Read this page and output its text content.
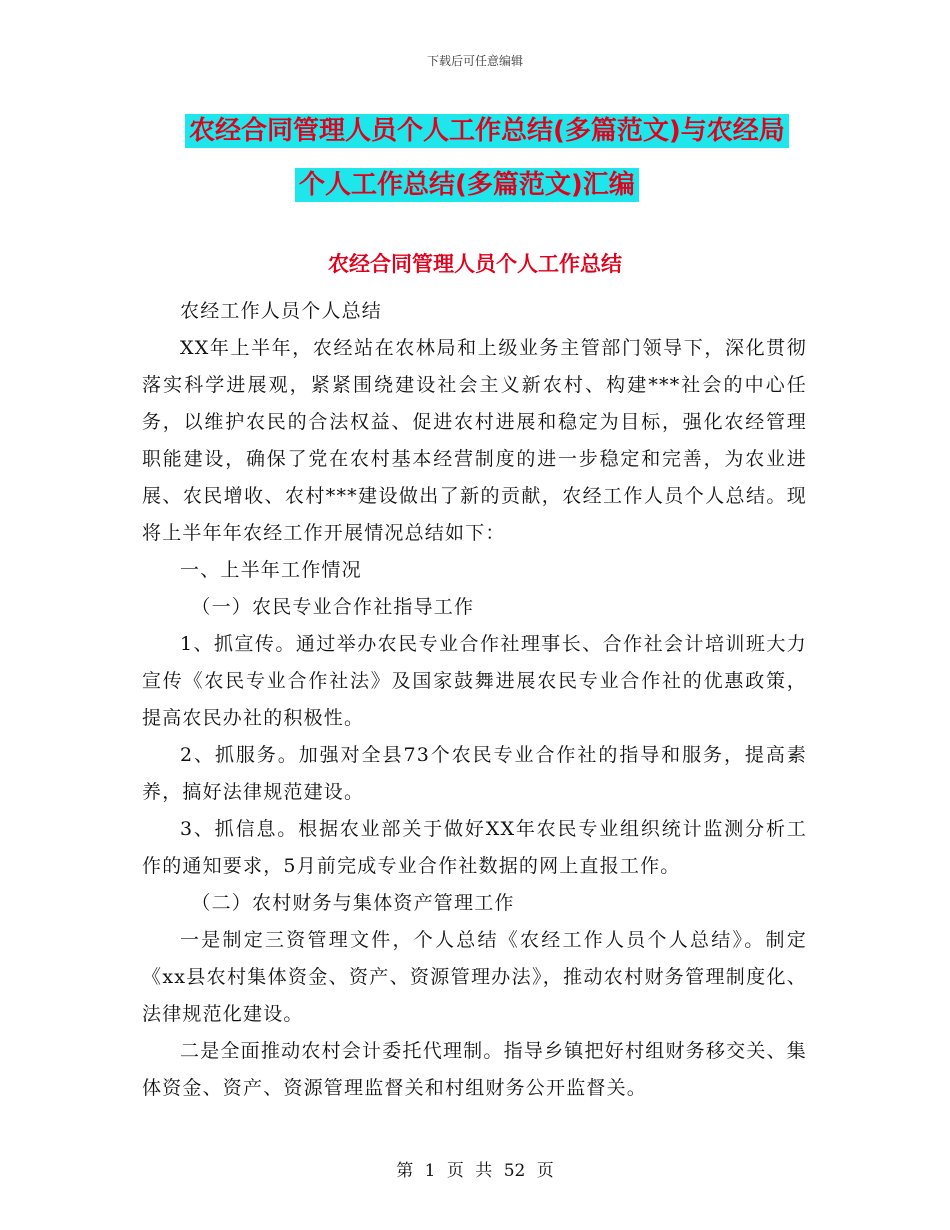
下载后可任意编辑
农经合同管理人员个人工作总结(多篇范文)与农经局
个人工作总结(多篇范文)汇编
农经合同管理人员个人工作总结

农经工作人员个人总结

XX年上半年，农经站在农林局和上级业务主管部门领导下，深化贯彻落实科学进展观，紧紧围绕建设社会主义新农村、构建***社会的中心任务，以维护农民的合法权益、促进农村进展和稳定为目标，强化农经管理职能建设，确保了党在农村基本经营制度的进一步稳定和完善，为农业进展、农民增收、农村***建设做出了新的贡献，农经工作人员个人总结。现将上半年年农经工作开展情况总结如下：

一、上半年工作情况

（一）农民专业合作社指导工作

1、抓宣传。通过举办农民专业合作社理事长、合作社会计培训班大力宣传《农民专业合作社法》及国家鼓舞进展农民专业合作社的优惠政策，提高农民办社的积极性。

2、抓服务。加强对全县73个农民专业合作社的指导和服务，提高素养，搞好法律规范建设。

3、抓信息。根据农业部关于做好XX年农民专业组织统计监测分析工作的通知要求，5月前完成专业合作社数据的网上直报工作。

（二）农村财务与集体资产管理工作

一是制定三资管理文件，个人总结《农经工作人员个人总结》。制定《xx县农村集体资金、资产、资源管理办法》，推动农村财务管理制度化、法律规范化建设。

二是全面推动农村会计委托代理制。指导乡镇把好村组财务移交关、集体资金、资产、资源管理监督关和村组财务公开监督关。

第 1 页 共 52 页
